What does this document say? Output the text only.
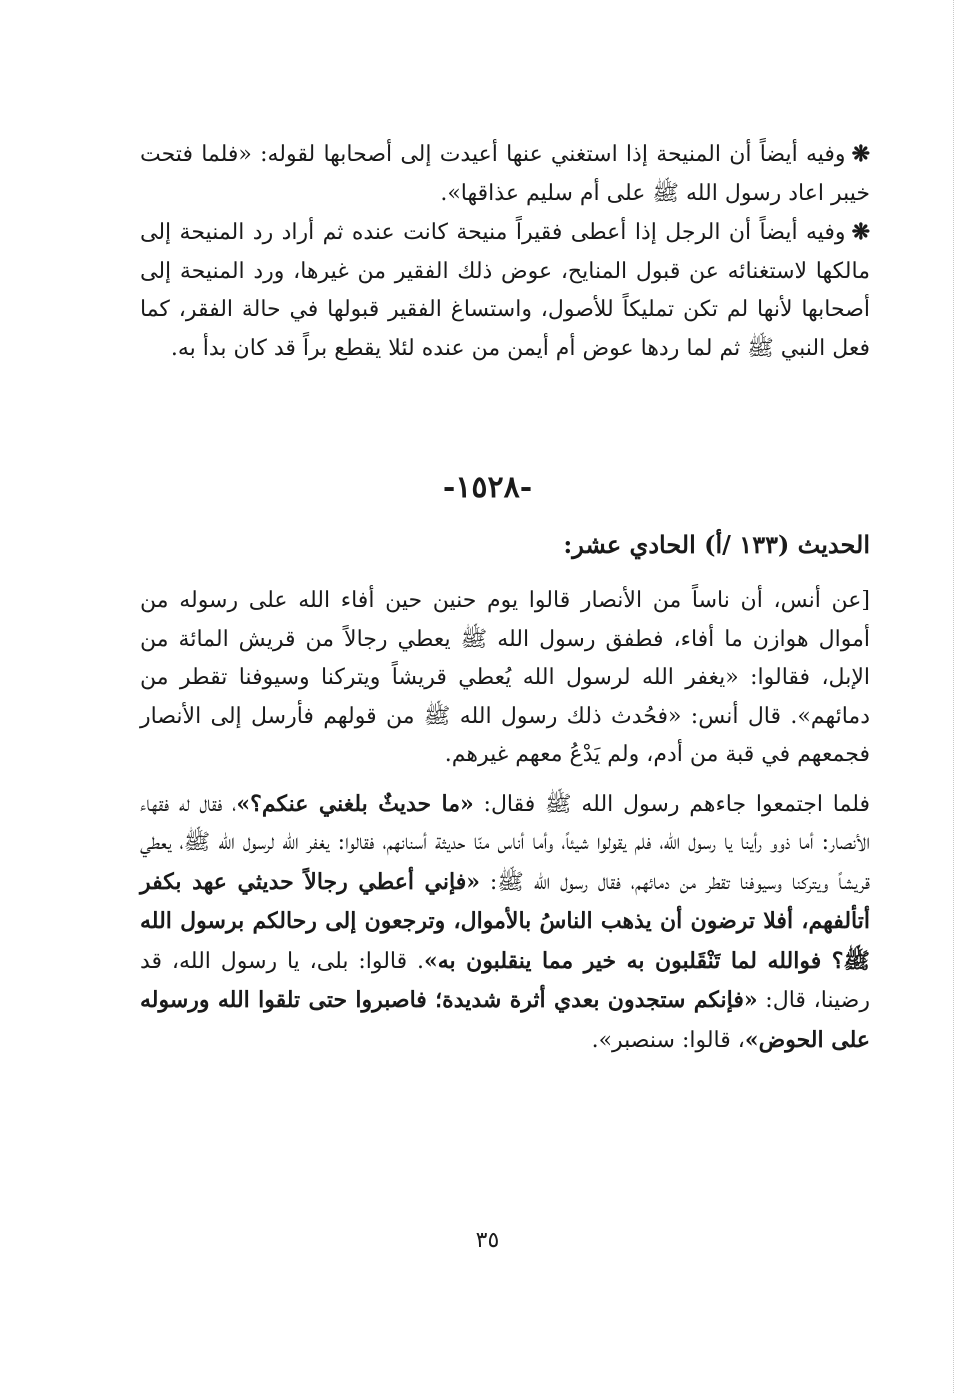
❋وفيه أيضاً أن المنيحة إذا استغني عنها أعيدت إلى أصحابها لقوله: «فلما فتحت خيبر اعاد رسول الله ﷺ على أم سليم عذاقها».

❋وفيه أيضاً أن الرجل إذا أعطى فقيراً منيحة كانت عنده ثم أراد رد المنيحة إلى مالكها لاستغنائه عن قبول المنايح، عوض ذلك الفقير من غيرها، ورد المنيحة إلى أصحابها لأنها لم تكن تمليكاً للأصول، واستساغ الفقير قبولها في حالة الفقر، كما فعل النبي ﷺ ثم لما ردها عوض أم أيمن من عنده لئلا يقطع براً قد كان بدأ به.

-١٥٢٨-
الحديث (١٣٣ /أ) الحادي عشر:

[عن أنس، أن ناساً من الأنصار قالوا يوم حنين حين أفاء الله على رسوله من أموال هوازن ما أفاء، فطفق رسول الله ﷺ يعطي رجالاً من قريش المائة من الإبل، فقالوا: «يغفر الله لرسول الله يُعطي قريشاً ويتركنا وسيوفنا تقطر من دمائهم». قال أنس: «فحُدث ذلك رسول الله ﷺ من قولهم فأرسل إلى الأنصار فجمعهم في قبة من أدم، ولم يَدْعُ معهم غيرهم.

فلما اجتمعوا جاءهم رسول الله ﷺ فقال: «ما حديثٌ بلغني عنكم؟»، فقال له فقهاء الأنصار: أما ذوو رأينا يا رسول الله، فلم يقولوا شيئاً، وأما أناس منّا حديثة أسنانهم، فقالوا: يغفر الله لرسول الله ﷺ، يعطي قريشاً ويتركنا وسيوفنا تقطر من دمائهم، فقال رسول الله ﷺ: «فإني أعطي رجالاً حديثي عهد بكفر أتألفهم، أفلا ترضون أن يذهب الناسُ بالأموال، وترجعون إلى رحالكم برسول الله ﷺ؟ فوالله لما تَنْقَلبون به خير مما ينقلبون به». قالوا: بلى، يا رسول الله، قد رضينا، قال: «فإنكم ستجدون بعدي أثرة شديدة؛ فاصبروا حتى تلقوا الله ورسوله على الحوض»، قالوا: سنصبر».

٣٥
